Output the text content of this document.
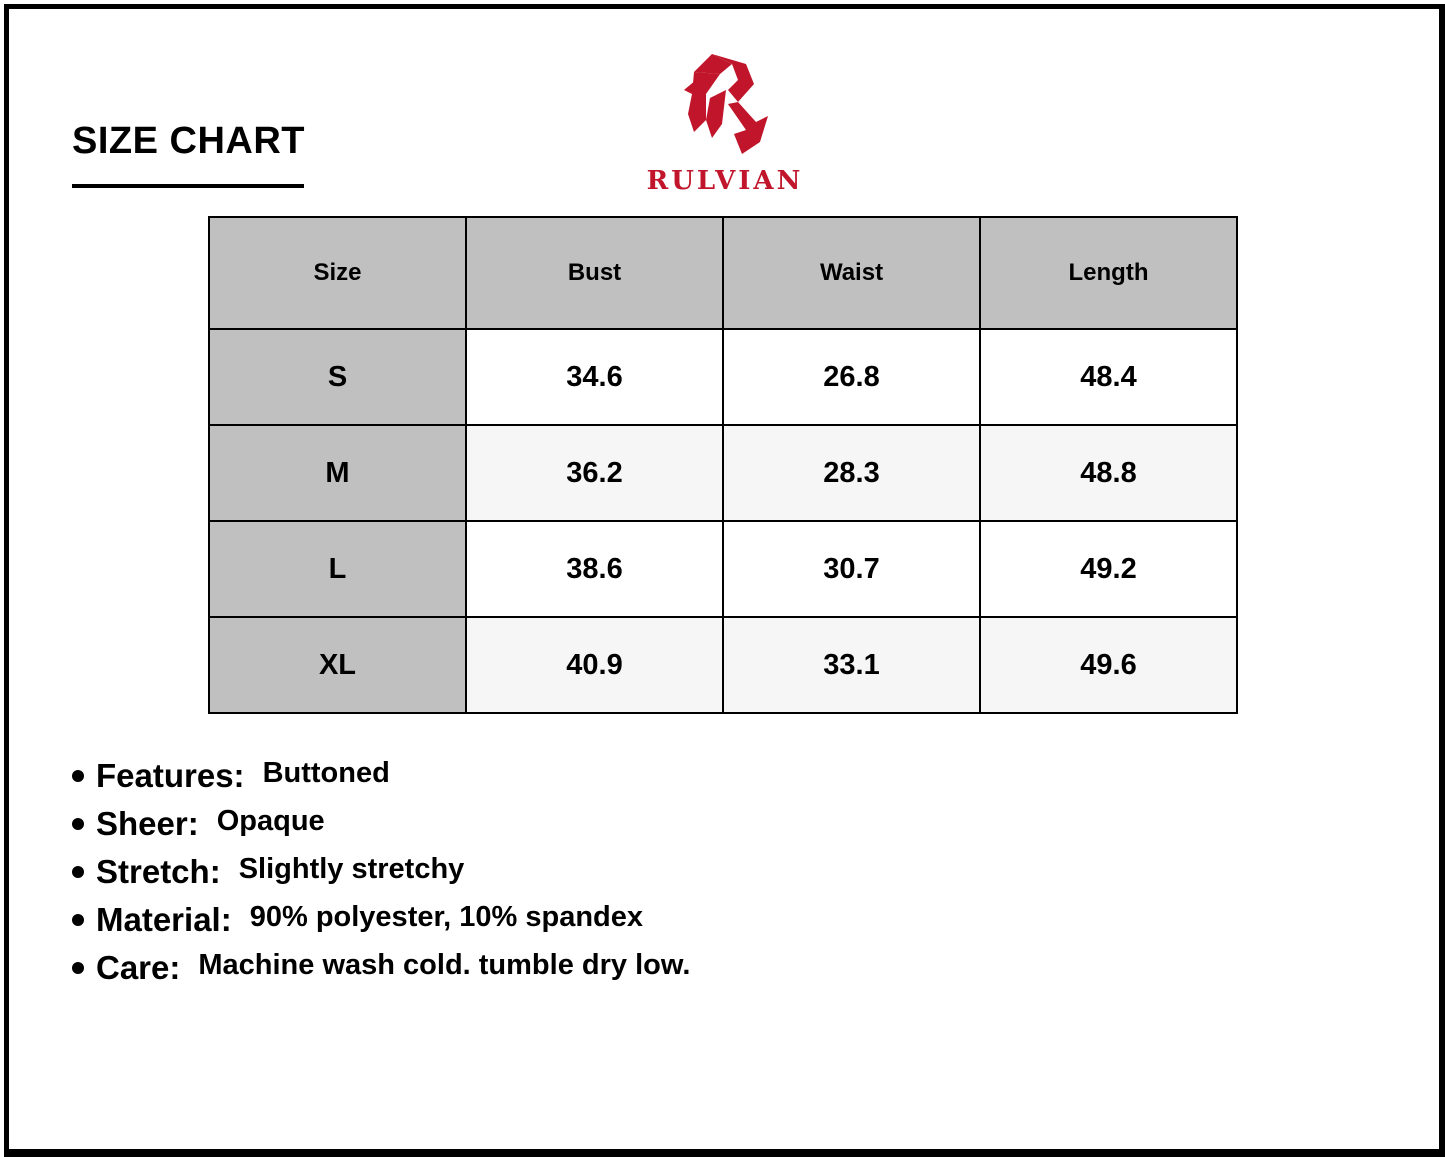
SIZE CHART
RULVIAN
Size	Bust	Waist	Length
S	34.6	26.8	48.4
M	36.2	28.3	48.8
L	38.6	30.7	49.2
XL	40.9	33.1	49.6
Features: Buttoned
Sheer: Opaque
Stretch: Slightly stretchy
Material: 90% polyester, 10% spandex
Care: Machine wash cold. tumble dry low.
